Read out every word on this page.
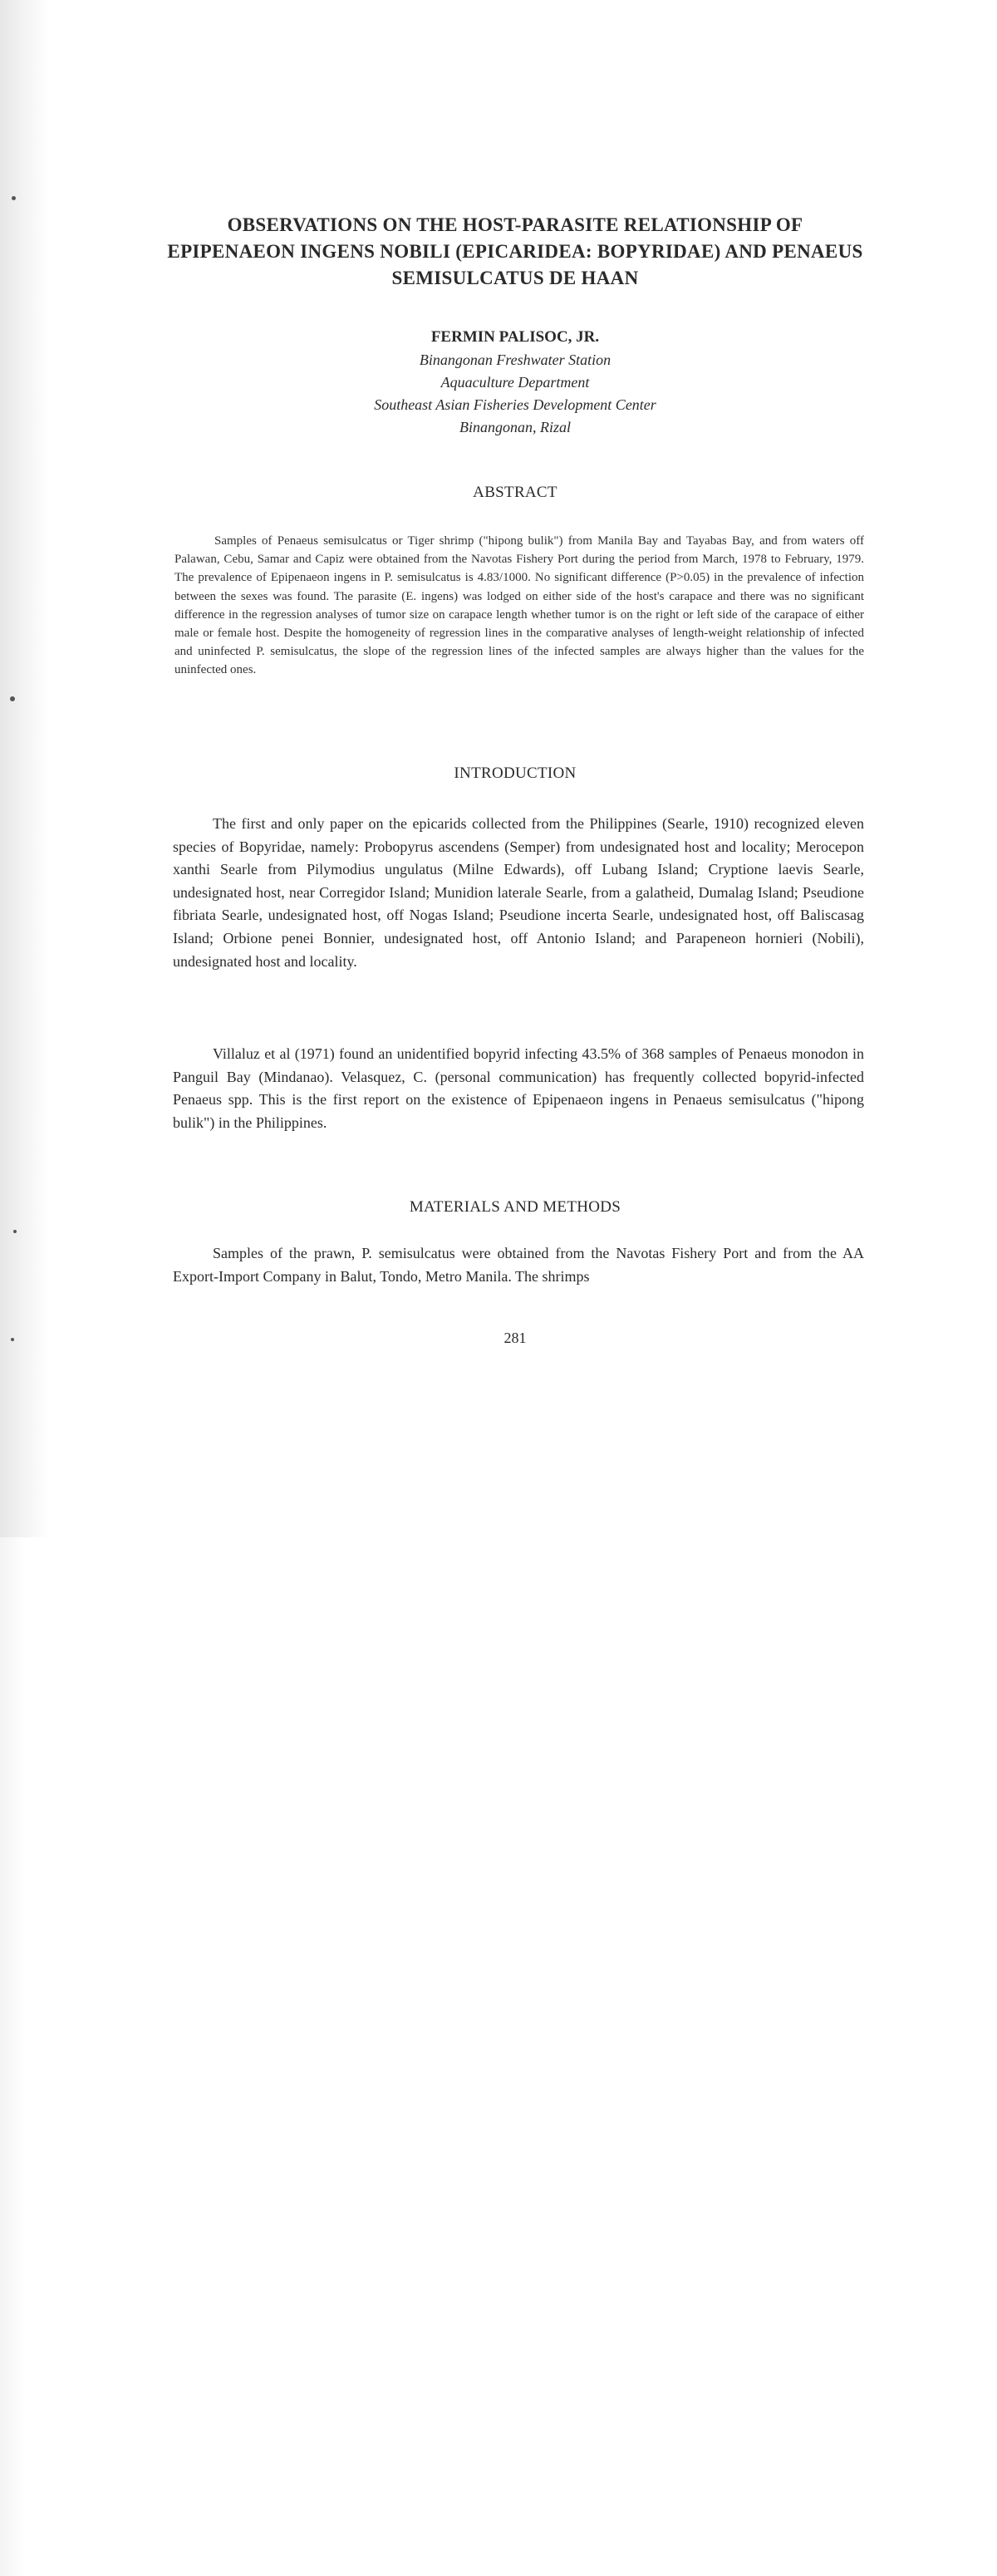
OBSERVATIONS ON THE HOST-PARASITE RELATIONSHIP OF EPIPENAEON INGENS NOBILI (EPICARIDEA: BOPYRIDAE) AND PENAEUS SEMISULCATUS DE HAAN

FERMIN PALISOC, JR.

Binangonan Freshwater Station

Aquaculture Department

Southeast Asian Fisheries Development Center

Binangonan, Rizal

ABSTRACT

Samples of Penaeus semisulcatus or Tiger shrimp ("hipong bulik") from Manila Bay and Tayabas Bay, and from waters off Palawan, Cebu, Samar and Capiz were obtained from the Navotas Fishery Port during the period from March, 1978 to February, 1979. The prevalence of Epipenaeon ingens in P. semisulcatus is 4.83/1000. No significant difference (P>0.05) in the prevalence of infection between the sexes was found. The parasite (E. ingens) was lodged on either side of the host's carapace and there was no significant difference in the regression analyses of tumor size on carapace length whether tumor is on the right or left side of the carapace of either male or female host. Despite the homogeneity of regression lines in the comparative analyses of length-weight relationship of infected and uninfected P. semisulcatus, the slope of the regression lines of the infected samples are always higher than the values for the uninfected ones.

INTRODUCTION

The first and only paper on the epicarids collected from the Philippines (Searle, 1910) recognized eleven species of Bopyridae, namely: Probopyrus ascendens (Semper) from undesignated host and locality; Merocepon xanthi Searle from Pilymodius ungulatus (Milne Edwards), off Lubang Island; Cryptione laevis Searle, undesignated host, near Corregidor Island; Munidion laterale Searle, from a galatheid, Dumalag Island; Pseudione fibriata Searle, undesignated host, off Nogas Island; Pseudione incerta Searle, undesignated host, off Baliscasag Island; Orbione penei Bonnier, undesignated host, off Antonio Island; and Parapeneon hornieri (Nobili), undesignated host and locality.

Villaluz et al (1971) found an unidentified bopyrid infecting 43.5% of 368 samples of Penaeus monodon in Panguil Bay (Mindanao). Velasquez, C. (personal communication) has frequently collected bopyrid-infected Penaeus spp. This is the first report on the existence of Epipenaeon ingens in Penaeus semisulcatus ("hipong bulik") in the Philippines.

MATERIALS AND METHODS

Samples of the prawn, P. semisulcatus were obtained from the Navotas Fishery Port and from the AA Export-Import Company in Balut, Tondo, Metro Manila. The shrimps

281
